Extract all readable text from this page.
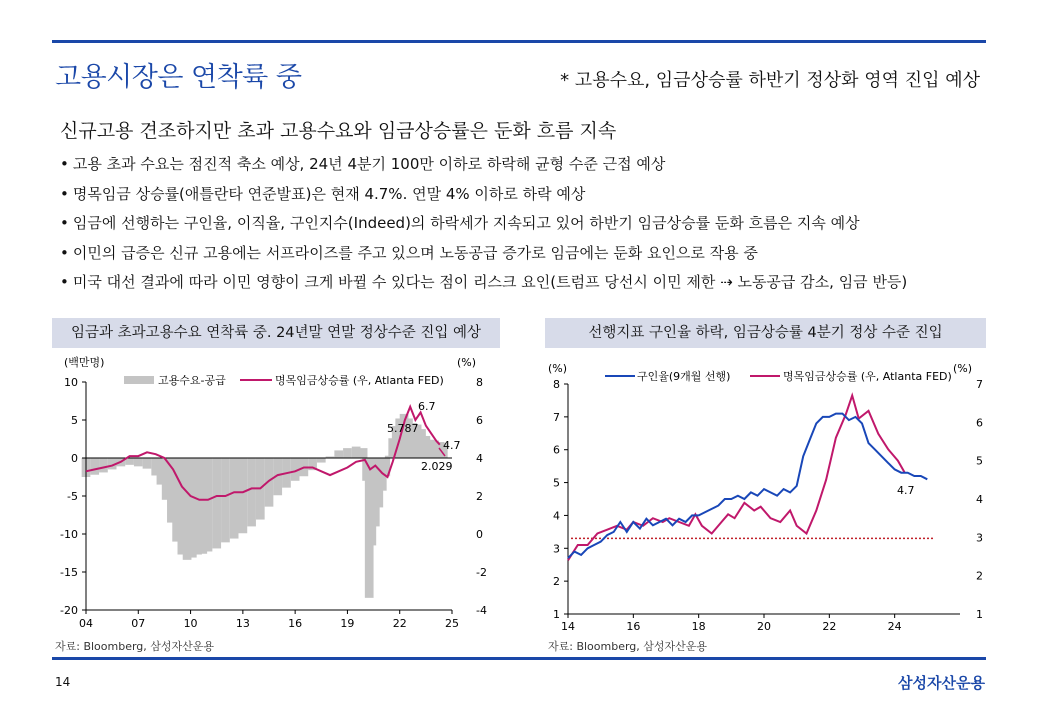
고용시장은 연착륙 중	* 고용수요, 임금상승률 하반기 정상화 영역 진입 예상
신규고용 견조하지만 초과 고용수요와 임금상승률은 둔화 흐름 지속
• 고용 초과 수요는 점진적 축소 예상, 24년 4분기 100만 이하로 하락해 균형 수준 근접 예상
• 명목임금 상승률(애틀란타 연준발표)은 현재 4.7%. 연말 4% 이하로 하락 예상
• 임금에 선행하는 구인율, 이직율, 구인지수(Indeed)의 하락세가 지속되고 있어 하반기 임금상승률 둔화 흐름은 지속 예상
• 이민의 급증은 신규 고용에는 서프라이즈를 주고 있으며 노동공급 증가로 임금에는 둔화 요인으로 작용 중
• 미국 대선 결과에 따라 이민 영향이 크게 바뀔 수 있다는 점이 리스크 요인(트럼프 당선시 이민 제한 ⇢ 노동공급 감소, 임금 반등)
임금과 초과고용수요 연착륙 중. 24년말 연말 정상수준 진입 예상	선행지표 구인율 하락, 임금상승률 4분기 정상 수준 진입
(백만명)	(%)
10
5
0
-5
-10
-15
-20
8
6
4
2
0
-2
-4
04	07	10	13	16	19	22	25
고용수요-공급	명목임금상승률 (우, Atlanta FED)
6.7
5.787
4.7
2.029
(%)	(%)
8
7
6
5
4
3
2
1
7
6
5
4
3
2
1
14	16	18	20	22	24
구인율(9개월 선행)	명목임금상승률 (우, Atlanta FED)
4.7
자료: Bloomberg, 삼성자산운용	자료: Bloomberg, 삼성자산운용
14	삼성자산운용
